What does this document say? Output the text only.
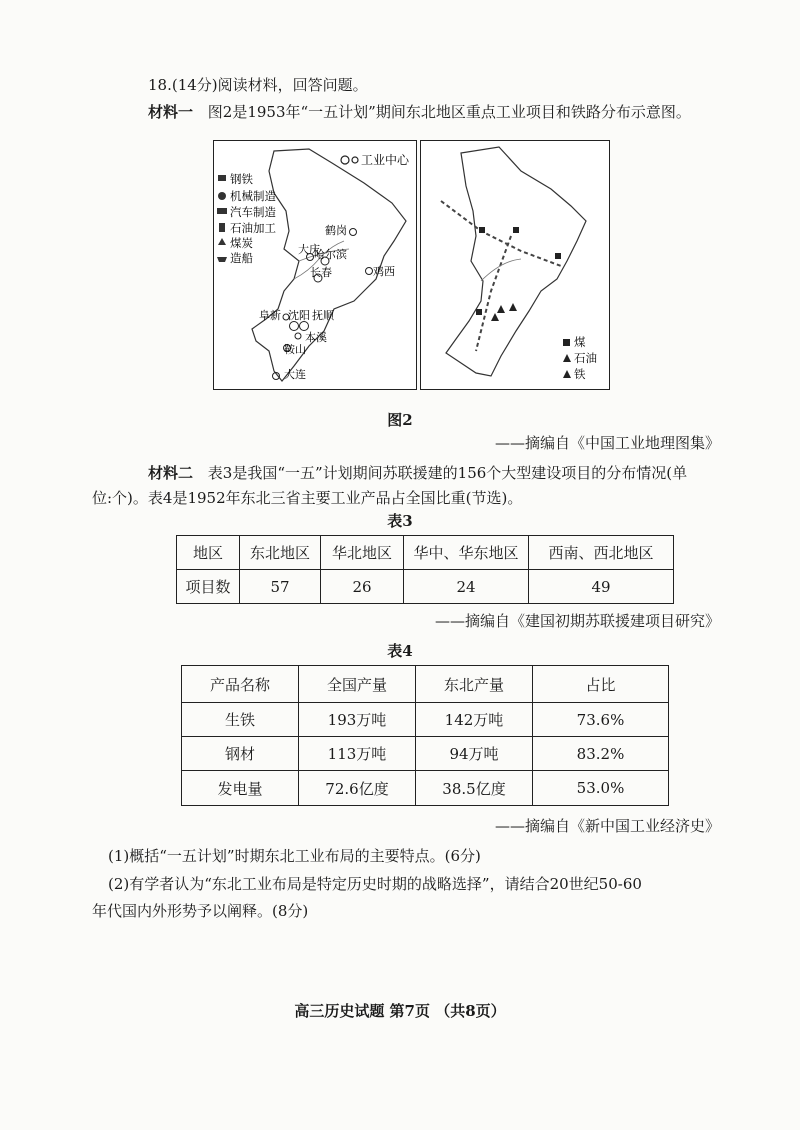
18.(14分)阅读材料，回答问题。
材料一 图2是1953年“一五计划”期间东北地区重点工业项目和铁路分布示意图。
工业中心
钢铁
机械制造
汽车制造
石油加工
煤炭
造船
鹤岗
大庆
哈尔滨
鸡西
长春
阜新 沈阳 抚顺
本溪
鞍山
大连
煤
石油
铁
图2
——摘编自《中国工业地理图集》
材料二 表3是我国“一五”计划期间苏联援建的156个大型建设项目的分布情况(单
位:个)。表4是1952年东北三省主要工业产品占全国比重(节选)。
表3
地区	东北地区	华北地区	华中、华东地区	西南、西北地区
项目数	57	26	24	49
——摘编自《建国初期苏联援建项目研究》
表4
产品名称	全国产量	东北产量	占比
生铁	193万吨	142万吨	73.6%
钢材	113万吨	94万吨	83.2%
发电量	72.6亿度	38.5亿度	53.0%
——摘编自《新中国工业经济史》
(1)概括“一五计划”时期东北工业布局的主要特点。(6分)
(2)有学者认为“东北工业布局是特定历史时期的战略选择”，请结合20世纪50-60
年代国内外形势予以阐释。(8分)
高三历史试题 第7页 （共8页）
